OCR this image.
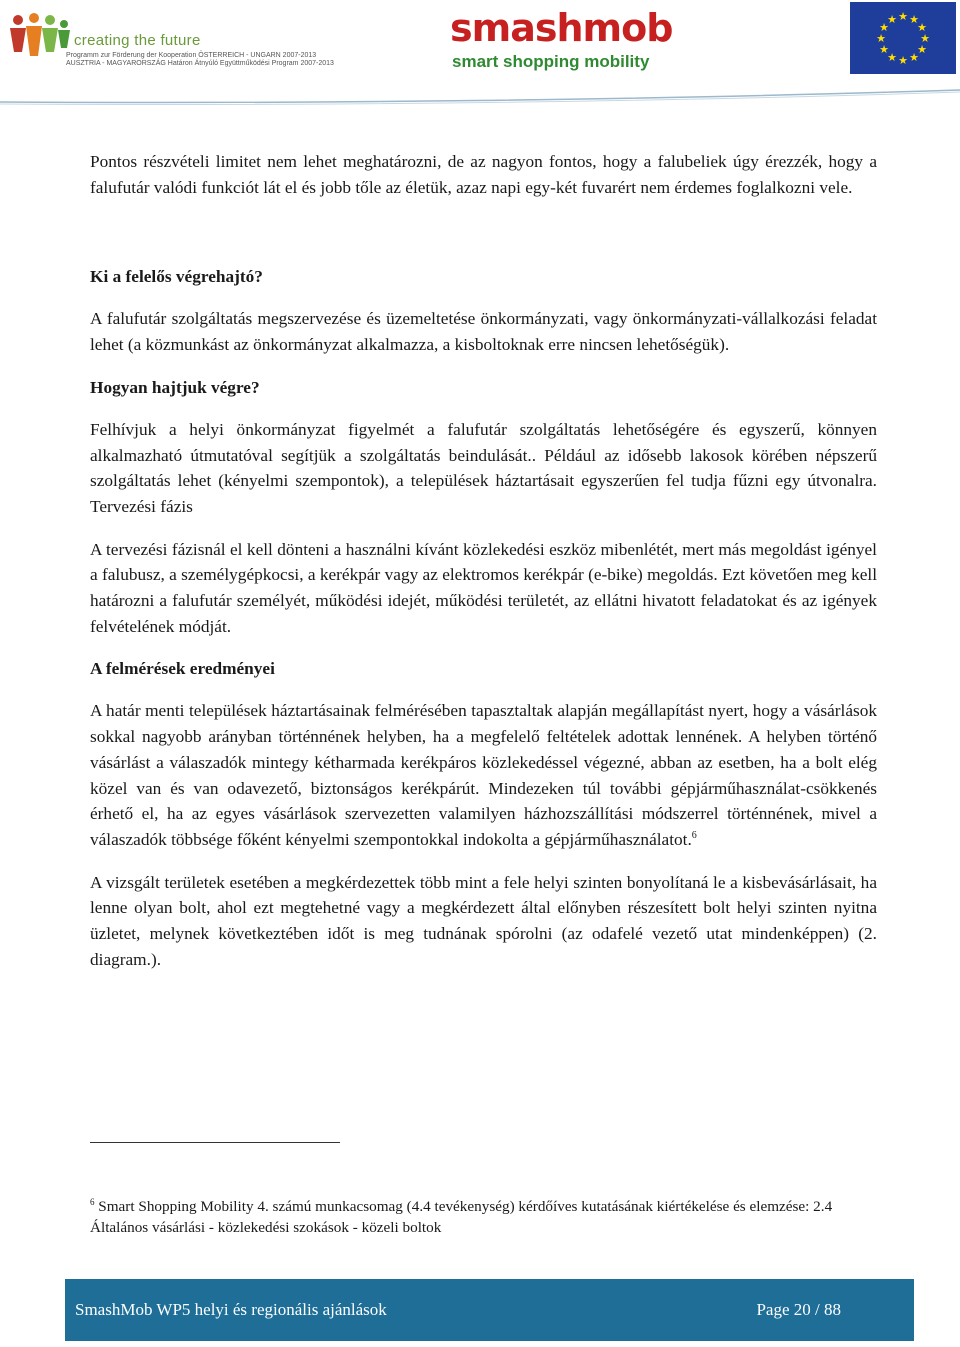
creating the future
Programm zur Förderung der Kooperation ÖSTERREICH - UNGARN 2007-2013
AUSZTRIA - MAGYARORSZÁG Határon Átnyúló Együttműködési Program 2007-2013
smashmob
smart shopping mobility
★ ★
★
★
★
★
★
★
★
★
★
★

Pontos részvételi limitet nem lehet meghatározni, de az nagyon fontos, hogy a falubeliek úgy érezzék, hogy a falufutár valódi funkciót lát el és jobb tőle az életük, azaz napi egy-két fuvarért nem érdemes foglalkozni vele.

Ki a felelős végrehajtó?

A falufutár szolgáltatás megszervezése és üzemeltetése önkormányzati, vagy önkormányzati-vállalkozási feladat lehet (a közmunkást az önkormányzat alkalmazza, a kisboltoknak erre nincsen lehetőségük).

Hogyan hajtjuk végre?

Felhívjuk a helyi önkormányzat figyelmét a falufutár szolgáltatás lehetőségére és egyszerű, könnyen alkalmazható útmutatóval segítjük a szolgáltatás beindulását.. Például az idősebb lakosok körében népszerű szolgáltatás lehet (kényelmi szempontok), a települések háztartásait egyszerűen fel tudja fűzni egy útvonalra. Tervezési fázis

A tervezési fázisnál el kell dönteni a használni kívánt közlekedési eszköz mibenlétét, mert más megoldást igényel a falubusz, a személygépkocsi, a kerékpár vagy az elektromos kerékpár (e-bike) megoldás. Ezt követően meg kell határozni a falufutár személyét, működési idejét, működési területét, az ellátni hivatott feladatokat és az igények felvételének módját.

A felmérések eredményei

A határ menti települések háztartásainak felmérésében tapasztaltak alapján megállapítást nyert, hogy a vásárlások sokkal nagyobb arányban történnének helyben, ha a megfelelő feltételek adottak lennének. A helyben történő vásárlást a válaszadók mintegy kétharmada kerékpáros közlekedéssel végezné, abban az esetben, ha a bolt elég közel van és van odavezető, biztonságos kerékpárút. Mindezeken túl további gépjárműhasználat-csökkenés érhető el, ha az egyes vásárlások szervezetten valamilyen házhozszállítási módszerrel történnének, mivel a válaszadók többsége főként kényelmi szempontokkal indokolta a gépjárműhasználatot.$^6$

A vizsgált területek esetében a megkérdezettek több mint a fele helyi szinten bonyolítaná le a kisbevásárlásait, ha lenne olyan bolt, ahol ezt megtehetné vagy a megkérdezett által előnyben részesített bolt helyi szinten nyitna üzletet, melynek következtében időt is meg tudnának spórolni (az odafelé vezető utat mindenképpen) (2. diagram.).

$^6$ Smart Shopping Mobility 4. számú munkacsomag (4.4 tevékenység) kérdőíves kutatásának kiértékelése és elemzése: 2.4 Általános vásárlási - közlekedési szokások - közeli boltok

SmashMob WP5 helyi és regionális ajánlások	Page 20 / 88
